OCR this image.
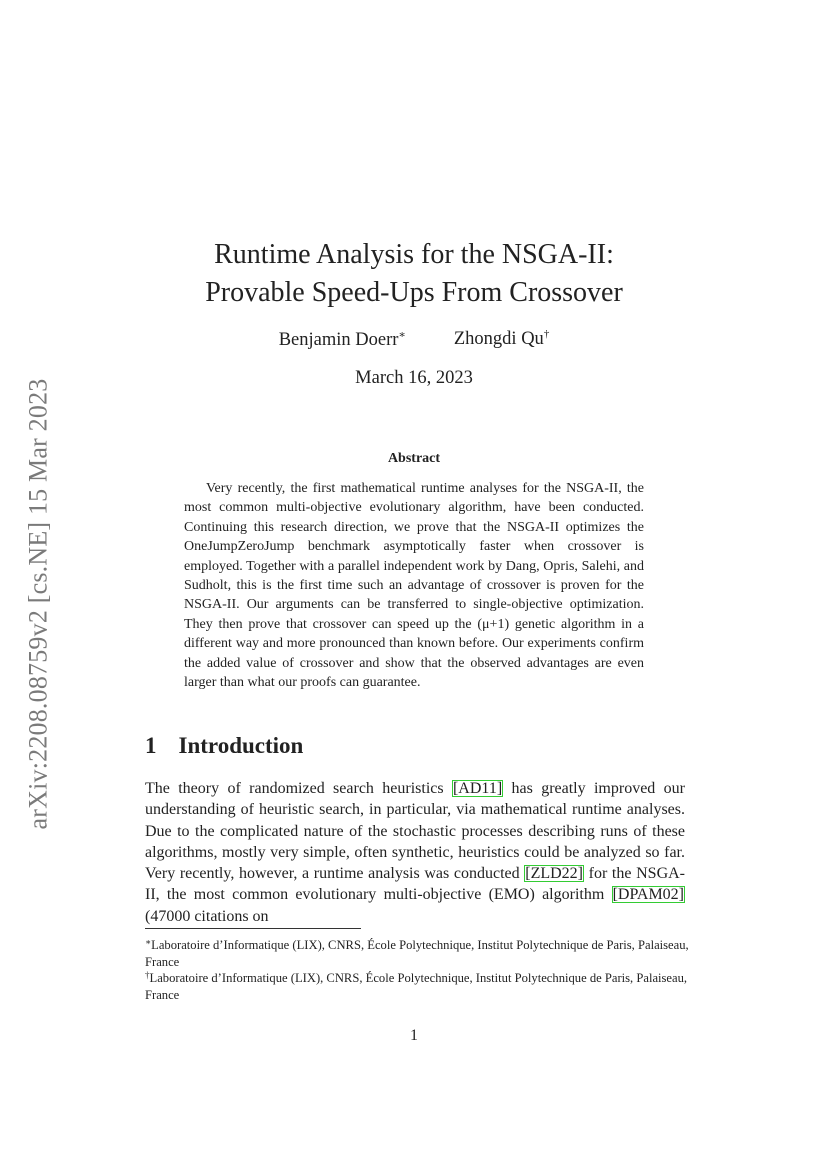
arXiv:2208.08759v2 [cs.NE] 15 Mar 2023
Runtime Analysis for the NSGA-II:
Provable Speed-Ups From Crossover
Benjamin Doerr∗	Zhongdi Qu†
March 16, 2023
Abstract

Very recently, the first mathematical runtime analyses for the NSGA-II, the most common multi-objective evolutionary algorithm, have been conducted. Continuing this research direction, we prove that the NSGA-II optimizes the OneJumpZeroJump benchmark asymptotically faster when crossover is employed. Together with a parallel independent work by Dang, Opris, Salehi, and Sudholt, this is the first time such an advantage of crossover is proven for the NSGA-II. Our arguments can be transferred to single-objective optimization. They then prove that crossover can speed up the (μ+1) genetic algorithm in a different way and more pronounced than known before. Our experiments confirm the added value of crossover and show that the observed advantages are even larger than what our proofs can guarantee.

1 Introduction

The theory of randomized search heuristics [AD11] has greatly improved our understanding of heuristic search, in particular, via mathematical runtime analyses. Due to the complicated nature of the stochastic processes describing runs of these algorithms, mostly very simple, often synthetic, heuristics could be analyzed so far. Very recently, however, a runtime analysis was conducted [ZLD22] for the NSGA-II, the most common evolutionary multi-objective (EMO) algorithm [DPAM02] (47000 citations on

∗Laboratoire d’Informatique (LIX), CNRS, École Polytechnique, Institut Polytechnique de Paris, Palaiseau, France

†Laboratoire d’Informatique (LIX), CNRS, École Polytechnique, Institut Polytechnique de Paris, Palaiseau, France

1
